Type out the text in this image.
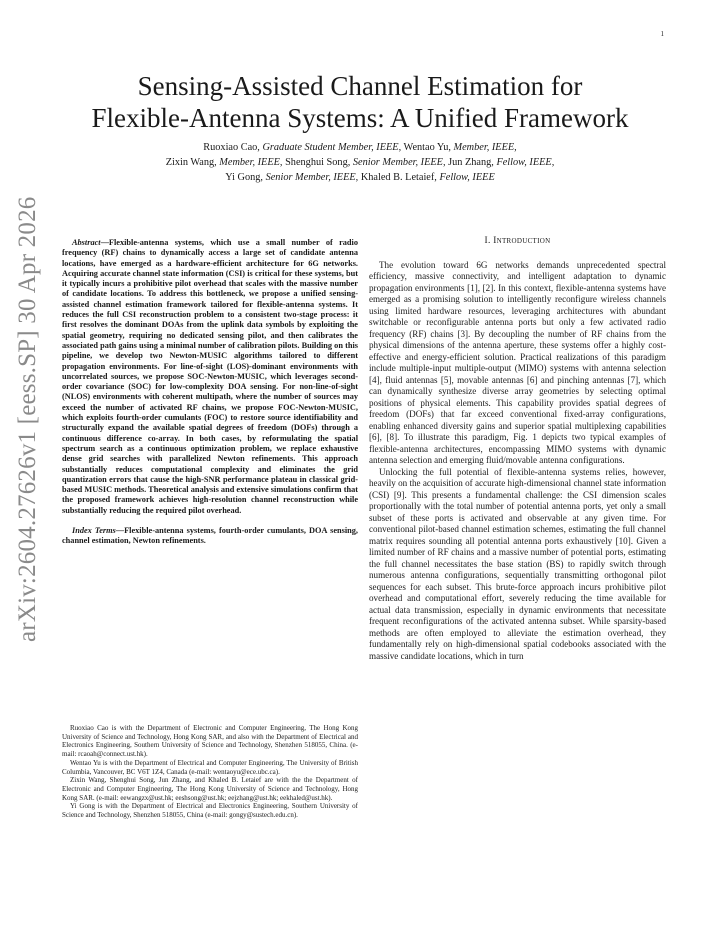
1
arXiv:2604.27626v1 [eess.SP] 30 Apr 2026
Sensing-Assisted Channel Estimation for
Flexible-Antenna Systems: A Unified Framework
Ruoxiao Cao, Graduate Student Member, IEEE, Wentao Yu, Member, IEEE,
Zixin Wang, Member, IEEE, Shenghui Song, Senior Member, IEEE, Jun Zhang, Fellow, IEEE,
Yi Gong, Senior Member, IEEE, Khaled B. Letaief, Fellow, IEEE

Abstract—Flexible-antenna systems, which use a small number of radio frequency (RF) chains to dynamically access a large set of candidate antenna locations, have emerged as a hardware-efficient architecture for 6G networks. Acquiring accurate channel state information (CSI) is critical for these systems, but it typically incurs a prohibitive pilot overhead that scales with the massive number of candidate locations. To address this bottleneck, we propose a unified sensing-assisted channel estimation framework tailored for flexible-antenna systems. It reduces the full CSI reconstruction problem to a consistent two-stage process: it first resolves the dominant DOAs from the uplink data symbols by exploiting the spatial geometry, requiring no dedicated sensing pilot, and then calibrates the associated path gains using a minimal number of calibration pilots. Building on this pipeline, we develop two Newton-MUSIC algorithms tailored to different propagation environments. For line-of-sight (LOS)-dominant environments with uncorrelated sources, we propose SOC-Newton-MUSIC, which leverages second-order covariance (SOC) for low-complexity DOA sensing. For non-line-of-sight (NLOS) environments with coherent multipath, where the number of sources may exceed the number of activated RF chains, we propose FOC-Newton-MUSIC, which exploits fourth-order cumulants (FOC) to restore source identifiability and structurally expand the available spatial degrees of freedom (DOFs) through a continuous difference co-array. In both cases, by reformulating the spatial spectrum search as a continuous optimization problem, we replace exhaustive dense grid searches with parallelized Newton refinements. This approach substantially reduces computational complexity and eliminates the grid quantization errors that cause the high-SNR performance plateau in classical grid-based MUSIC methods. Theoretical analysis and extensive simulations confirm that the proposed framework achieves high-resolution channel reconstruction while substantially reducing the required pilot overhead.

Index Terms—Flexible-antenna systems, fourth-order cumulants, DOA sensing, channel estimation, Newton refinements.

Ruoxiao Cao is with the Department of Electronic and Computer Engineering, The Hong Kong University of Science and Technology, Hong Kong SAR, and also with the Department of Electrical and Electronics Engineering, Southern University of Science and Technology, Shenzhen 518055, China. (e-mail: rcaoah@connect.ust.hk).

Wentao Yu is with the Department of Electrical and Computer Engineering, The University of British Columbia, Vancouver, BC V6T 1Z4, Canada (e-mail: wentaoyu@ece.ubc.ca).

Zixin Wang, Shenghui Song, Jun Zhang, and Khaled B. Letaief are with the the Department of Electronic and Computer Engineering, The Hong Kong University of Science and Technology, Hong Kong SAR. (e-mail: eewangzx@ust.hk; eeshsong@ust.hk; eejzhang@ust.hk; eekhaled@ust.hk).

Yi Gong is with the Department of Electrical and Electronics Engineering, Southern University of Science and Technology, Shenzhen 518055, China (e-mail: gongy@sustech.edu.cn).

I. Introduction

The evolution toward 6G networks demands unprecedented spectral efficiency, massive connectivity, and intelligent adaptation to dynamic propagation environments [1], [2]. In this context, flexible-antenna systems have emerged as a promising solution to intelligently reconfigure wireless channels using limited hardware resources, leveraging architectures with abundant switchable or reconfigurable antenna ports but only a few activated radio frequency (RF) chains [3]. By decoupling the number of RF chains from the physical dimensions of the antenna aperture, these systems offer a highly cost-effective and energy-efficient solution. Practical realizations of this paradigm include multiple-input multiple-output (MIMO) systems with antenna selection [4], fluid antennas [5], movable antennas [6] and pinching antennas [7], which can dynamically synthesize diverse array geometries by selecting optimal positions of physical elements. This capability provides spatial degrees of freedom (DOFs) that far exceed conventional fixed-array configurations, enabling enhanced diversity gains and superior spatial multiplexing capabilities [6], [8]. To illustrate this paradigm, Fig. 1 depicts two typical examples of flexible-antenna architectures, encompassing MIMO systems with dynamic antenna selection and emerging fluid/movable antenna configurations.

Unlocking the full potential of flexible-antenna systems relies, however, heavily on the acquisition of accurate high-dimensional channel state information (CSI) [9]. This presents a fundamental challenge: the CSI dimension scales proportionally with the total number of potential antenna ports, yet only a small subset of these ports is activated and observable at any given time. For conventional pilot-based channel estimation schemes, estimating the full channel matrix requires sounding all potential antenna ports exhaustively [10]. Given a limited number of RF chains and a massive number of potential ports, estimating the full channel necessitates the base station (BS) to rapidly switch through numerous antenna configurations, sequentially transmitting orthogonal pilot sequences for each subset. This brute-force approach incurs prohibitive pilot overhead and computational effort, severely reducing the time available for actual data transmission, especially in dynamic environments that necessitate frequent reconfigurations of the activated antenna subset. While sparsity-based methods are often employed to alleviate the estimation overhead, they fundamentally rely on high-dimensional spatial codebooks associated with the massive candidate locations, which in turn
